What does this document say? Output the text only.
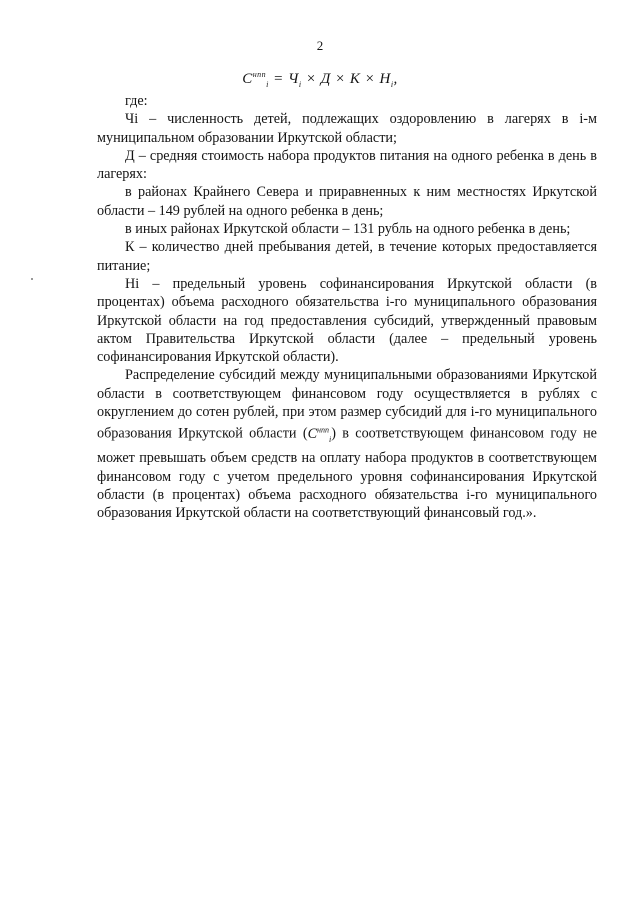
2
$C^{нпп}_i = Ч_i \times Д \times К \times Н_i$,

где:

Чi – численность детей, подлежащих оздоровлению в лагерях в i-м муниципальном образовании Иркутской области;

Д – средняя стоимость набора продуктов питания на одного ребенка в день в лагерях:

в районах Крайнего Севера и приравненных к ним местностях Иркутской области – 149 рублей на одного ребенка в день;

в иных районах Иркутской области – 131 рубль на одного ребенка в день;

К – количество дней пребывания детей, в течение которых предоставляется питание;

Нi – предельный уровень софинансирования Иркутской области (в процентах) объема расходного обязательства i-го муниципального образования Иркутской области на год предоставления субсидий, утвержденный правовым актом Правительства Иркутской области (далее – предельный уровень софинансирования Иркутской области).

Распределение субсидий между муниципальными образованиями Иркутской области в соответствующем финансовом году осуществляется в рублях с округлением до сотен рублей, при этом размер субсидий для i-го муниципального образования Иркутской области $(C^{нпп}_i)$ в соответствующем финансовом году не может превышать объем средств на оплату набора продуктов в соответствующем финансовом году с учетом предельного уровня софинансирования Иркутской области (в процентах) объема расходного обязательства i-го муниципального образования Иркутской области на соответствующий финансовый год.».
